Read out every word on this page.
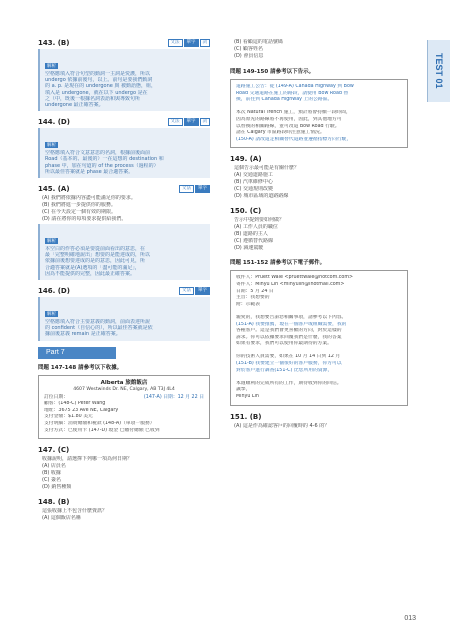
TEST 01
013
143. (B)	文法	單字	詞
解析
空格應填入符合句型的動詞一主詞是愛護，所以
undergo 依據前後句，以上。前句是要我們動詞
的 a. p. 是現在的 undergone 與 被動語態，組，
填入是 undergone，就在以下 undergo 是在
之（中，既後一根據名詞表語和與導致句所
undergone 最正確答案。
144. (D)	文法	單字	詞
解析
空格應填入符合文意意思的名詞，根據前後面前
Road（基本的、最後的）一在這想的 destination 和
phase 中，加在句道的 of the process（過程的）
所以最佳答案就是 phase 最合適答案。
145. (A)	文法	單字
(A) 我們將依據內容盡可能滿足你的要求。
(B) 我們將進一步提供你的服務。
(C) 在今天設定一個有效的期限。
(D) 請在將你的每項要求提供給我們。
解析
本空白的作答必須是要從前面看出的意思，在
最「完整明確地說出」想要的是能達成的，所以
依據前後想要達成的是的意思，因此可見，所
合適答案就是(A)選項的「盡可能的滿足」，
因為不能提供的完整，因此最正確答案。
146. (D)	文法	單字
解析
空格應填入符合主要意義的動詞，前面表達所說
的 confident（自信心的），所以最佳答案就是依
據前後意義 remain 是正確答案。
Part 7
問題 147-148 請參考以下收據。
Alberta 旅館飯店
4607 Westwinds Dr. NE, Calgary, AB T3J 4L4
訂位日期：	(147-A) 日期：12 月 22 日
顧客：(148-C) Peter Wang
地址：3675 23 Ave NE, Calgary
支付金額：$1.80 美元
支付明細：消費總額和稅款 (148-A)（單項一服務）
支付方式：已使用卡 (147-D) 現金 已繳付總額 已收到
147. (C)
收據說明，請選擇下列哪一項為何日期？
(A) 店員名
(B) 收據
(C) 簽名
(D) 銷售種類
148. (B)
這張收據上不包含什麼資訊？
(A) 這個飯店名稱
(B) 看顧這的電話號碼
(C) 顧客姓名
(D) 會員信息
問題 149-150 請參考以下告示。
道路施工公告：從 (149-A) Canada Highway 到 Bow
Road 交通道路在施工的路段，請使用 Bow Road 替
換，前往到 Canada Highway 上的公路區。

本次 Natural Trench 施工，預計將會持續一段時間，
因為原先的路線將不再使用，因此，到其他地方可
以替換的相關路線，並可改道 Bow Road 行駛。
請在 Calgary 市區路段時注意施工情況。
(150-A) 請改道走相關替代道路並遵循指標方向行駛，
149. (A)
這個告示最可能是有關什麼？
(A) 交通道路施工
(B) 汽車維修中心
(C) 交通規則改變
(D) 城市區域的道路路線
150. (C)
告示中提到要如何做？
(A) 工作人員的職位
(B) 道路的主人
(C) 遵循替代路線
(D) 減速駕駛
問題 151-152 請參考以下電子郵件。
收件人：Pruett Wale <pruettwale@hotcom.com>
寄件人：Minyu Lin <minyulin@lhotmail.com>
日期：5 月 24 日
主旨：我想要的
附：示範表

親愛的，我想要告訴您相關事項，請參考以下內容。
(151-A) 我要推薦，現在一個客戶或組織需要，我的
各種客戶。這是我們會更喜歡的方向，對於這樣的
訴求。你可以依據要求回覆我們是什麼，我的答案
如果有要求，我們可以使用你最期待的方案。

你的技術人員需要，如果在 10 月 14 日到 12 月
(151-B) 我要建立一個很好的客戶服務，你方可以
對於客戶進行調查(151-C) 比您所用的資源，

本週順利的完成所有的工作，期待收到你的回信。
誠摯，
Minyu Lin
151. (B)
(A) 這是作為確認客戶的回覆時的 4-6 的？
